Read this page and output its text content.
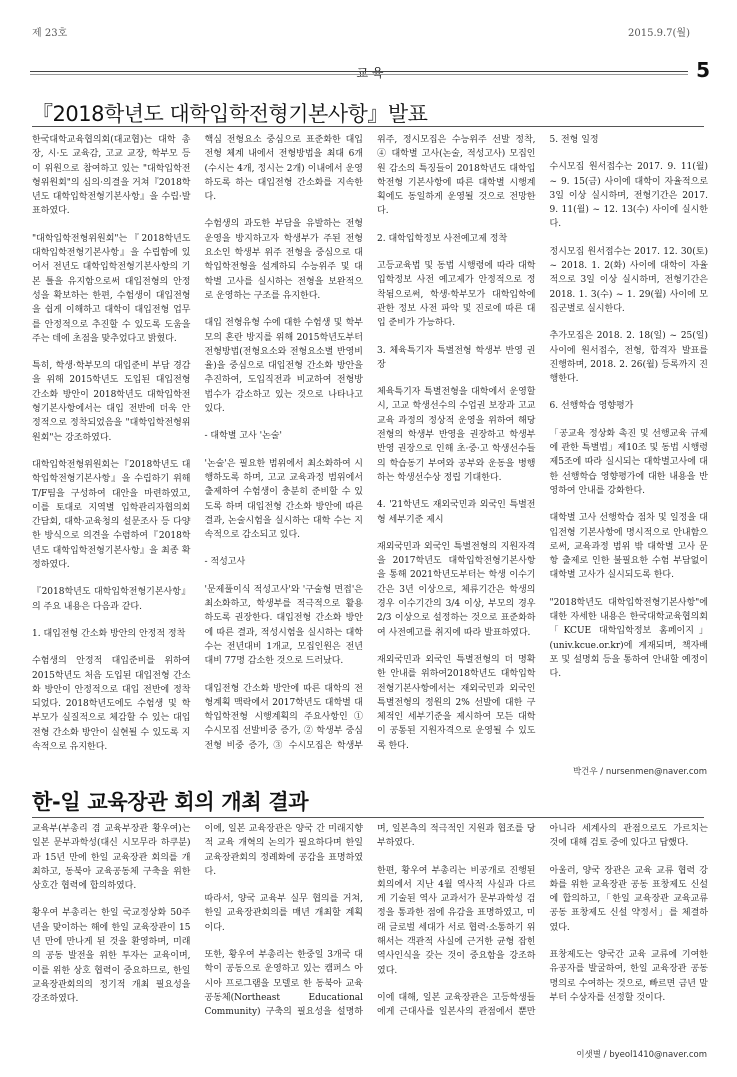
제 23호	2015.9.7(월)
교 육	5
『2018학년도 대학입학전형기본사항』발표

한국대학교육협의회(대교협)는 대학 총장, 시·도 교육감, 고교 교장, 학부모 등이 위원으로 참여하고 있는 "대학입학전형위원회"의 심의·의결을 거쳐『2018학년도 대학입학전형기본사항』을 수립·발표하였다.

"대학입학전형위원회"는『2018학년도 대학입학전형기본사항』을 수립함에 있어서 전년도 대학입학전형기본사항의 기본 틀을 유지함으로써 대입전형의 안정성을 확보하는 한편, 수험생이 대입전형을 쉽게 이해하고 대학이 대입전형 업무를 안정적으로 추진할 수 있도록 도움을 주는 데에 초점을 맞추었다고 밝혔다.

특히, 학생·학부모의 대입준비 부담 경감을 위해 2015학년도 도입된 대입전형 간소화 방안이 2018학년도 대학입학전형기본사항에서는 대입 전반에 더욱 안정적으로 정착되었음을 "대학입학전형위원회"는 강조하였다.

대학입학전형위원회는『2018학년도 대학입학전형기본사항』을 수립하기 위해 T/F팀을 구성하여 대안을 마련하였고, 이를 토대로 지역별 입학관리자협의회 간담회, 대학·교육청의 설문조사 등 다양한 방식으로 의견을 수렴하여『2018학년도 대학입학전형기본사항』을 최종 확정하였다.

『2018학년도 대학입학전형기본사항』의 주요 내용은 다음과 같다.

1. 대입전형 간소화 방안의 안정적 정착

수험생의 안정적 대입준비를 위하여 2015학년도 처음 도입된 대입전형 간소화 방안이 안정적으로 대입 전반에 정착되었다. 2018학년도에도 수험생 및 학부모가 실질적으로 체감할 수 있는 대입전형 간소화 방안이 실현될 수 있도록 지속적으로 유지한다.

핵심 전형요소 중심으로 표준화한 대입 전형 체계 내에서 전형방법을 최대 6개(수시는 4개, 정시는 2개) 이내에서 운영하도록 하는 대입전형 간소화를 지속한다.

수험생의 과도한 부담을 유발하는 전형운영을 방지하고자 학생부가 주된 전형요소인 학생부 위주 전형을 중심으로 대학입학전형을 설계하되 수능위주 및 대학별 고사를 실시하는 전형을 보완적으로 운영하는 구조를 유지한다.

대입 전형유형 수에 대한 수험생 및 학부모의 혼란 방지를 위해 2015학년도부터 전형방법(전형요소와 전형요소별 반영비율)을 중심으로 대입전형 간소화 방안을 추진하여, 도입직전과 비교하여 전형방법수가 감소하고 있는 것으로 나타나고 있다.

- 대학별 고사 '논술'

'논술'은 필요한 범위에서 최소화하여 시행하도록 하며, 고교 교육과정 범위에서 출제하여 수험생이 충분히 준비할 수 있도록 하며 대입전형 간소화 방안에 따른 결과, 논술시험을 실시하는 대학 수는 지속적으로 감소되고 있다.

- 적성고사

'문제풀이식 적성고사'와 '구술형 면접'은 최소화하고, 학생부를 적극적으로 활용하도록 권장한다. 대입전형 간소화 방안에 따른 결과, 적성시험을 실시하는 대학 수는 전년대비 1개교, 모집인원은 전년대비 77명 감소한 것으로 드러났다.

대입전형 간소화 방안에 따른 대학의 전형계획 맥락에서 2017학년도 대학별 대학입학전형 시행계획의 주요사항인 ① 수시모집 선발비중 증가, ② 학생부 중심 전형 비중 증가, ③ 수시모집은 학생부 위주, 정시모집은 수능위주 선발 정착, ④ 대학별 고사(논술, 적성고사) 모집인원 감소의 특징들이 2018학년도 대학입학전형 기본사항에 따른 대학별 시행계획에도 동일하게 운영될 것으로 전망한다.

2. 대학입학정보 사전예고제 정착

고등교육법 및 동법 시행령에 따라 대학입학정보 사전 예고제가 안정적으로 정착됨으로써, 학생·학부모가 대학입학에 관한 정보 사전 파악 및 진로에 따른 대입 준비가 가능하다.

3. 체육특기자 특별전형 학생부 반영 권장

체육특기자 특별전형을 대학에서 운영할 시, 고교 학생선수의 수업권 보장과 고교교육 과정의 정상적 운영을 위하여 해당 전형의 학생부 반영을 권장하고 학생부 반영 권장으로 인해 초·중·고 학생선수들의 학습동기 부여와 공부와 운동을 병행하는 학생선수상 정립 기대한다.

4. '21학년도 재외국민과 외국인 특별전형 세부기준 제시

재외국민과 외국인 특별전형의 지원자격을 2017학년도 대학입학전형기본사항을 통해 2021학년도부터는 학생 이수기간은 3년 이상으로, 체류기간은 학생의 경우 이수기간의 3/4 이상, 부모의 경우 2/3 이상으로 설정하는 것으로 표준화하여 사전예고를 취지에 따라 발표하였다.

재외국민과 외국인 특별전형의 더 명확한 안내를 위하여2018학년도 대학입학전형기본사항에서는 재외국민과 외국인 특별전형의 정원의 2% 선발에 대한 구체적인 세부기준을 제시하여 모든 대학이 공통된 지원자격으로 운영될 수 있도록 한다.

5. 전형 일정

수시모집 원서접수는 2017. 9. 11(월) ~ 9. 15(금) 사이에 대학이 자율적으로 3일 이상 실시하며, 전형기간은 2017. 9. 11(월) ~ 12. 13(수) 사이에 실시한다.

정시모집 원서접수는 2017. 12. 30(토) ~ 2018. 1. 2(화) 사이에 대학이 자율적으로 3일 이상 실시하며, 전형기간은 2018. 1. 3(수) ~ 1. 29(월) 사이에 모집군별로 실시한다.

추가모집은 2018. 2. 18(일) ~ 25(일) 사이에 원서접수, 전형, 합격자 발표를 진행하며, 2018. 2. 26(월) 등록까지 진행한다.

6. 선행학습 영향평가

「공교육 정상화 촉진 및 선행교육 규제에 관한 특별법」제10조 및 동법 시행령 제5조에 따라 실시되는 대학별고사에 대한 선행학습 영향평가에 대한 내용을 반영하여 안내를 강화한다.

대학별 고사 선행학습 점차 및 일정을 대입전형 기본사항에 명시적으로 안내함으로써, 교육과정 범위 밖 대학별 고사 문항 출제로 인한 불필요한 수험 부담없이 대학별 고사가 실시되도록 한다.

"2018학년도 대학입학전형기본사항"에 대한 자세한 내용은 한국대학교육협의회「KCUE 대학입학정보 홈페이지」(univ.kcue.or.kr)에 게재되며, 책자배포 및 설명회 등을 통하여 안내할 예정이다.

박건우 / nursenmen@naver.com
한-일 교육장관 회의 개최 결과

교육부(부총리 겸 교육부장관 황우여)는 일본 문부과학성(대신 시모무라 하쿠분)과 15년 만에 한일 교육장관 회의를 개최하고, 동북아 교육공동체 구축을 위한 상호간 협력에 합의하였다.

황우여 부총리는 한일 국교정상화 50주년을 맞이하는 해에 한일 교육장관이 15년 만에 만나게 된 것을 환영하며, 미래의 공동 발전을 위한 투자는 교육이며, 이를 위한 상호 협력이 중요하므로, 한일 교육장관회의의 정기적 개최 필요성을 강조하였다.

이에, 일본 교육장관은 양국 간 미래지향적 교육 개혁의 논의가 필요하다며 한일 교육장관회의 정례화에 공감을 표명하였다.

따라서, 양국 교육부 실무 협의를 거쳐, 한일 교육장관회의를 매년 개최할 계획이다.

또한, 황우여 부총리는 한중일 3개국 대학이 공동으로 운영하고 있는 캠퍼스 아시아 프로그램을 모델로 한 동북아 교육공동체(Northeast Educational Community) 구축의 필요성을 설명하며, 일본측의 적극적인 지원과 협조를 당부하였다.

한편, 황우여 부총리는 비공개로 진행된 회의에서 지난 4월 역사적 사실과 다르게 기술된 역사 교과서가 문부과학성 검정을 통과한 점에 유감을 표명하였고, 미래 글로벌 세대가 서로 협력·소통하기 위해서는 객관적 사실에 근거한 균형 잡힌 역사인식을 갖는 것이 중요함을 강조하였다.

이에 대해, 일본 교육장관은 고등학생들에게 근대사를 일본사의 관점에서 뿐만 아니라 세계사의 관점으로도 가르치는 것에 대해 검토 중에 있다고 답했다.

아울러, 양국 장관은 교육 교류 협력 강화를 위한 교육장관 공동 표창제도 신설에 합의하고,「한일 교육장관 교육교류 공동 표창제도 신설 약정서」를 체결하였다.

표창제도는 양국간 교육 교류에 기여한 유공자를 발굴하여, 한일 교육장관 공동 명의로 수여하는 것으로, 빠르면 금년 말부터 수상자를 선정할 것이다.

이샛별 / byeol1410@naver.com
